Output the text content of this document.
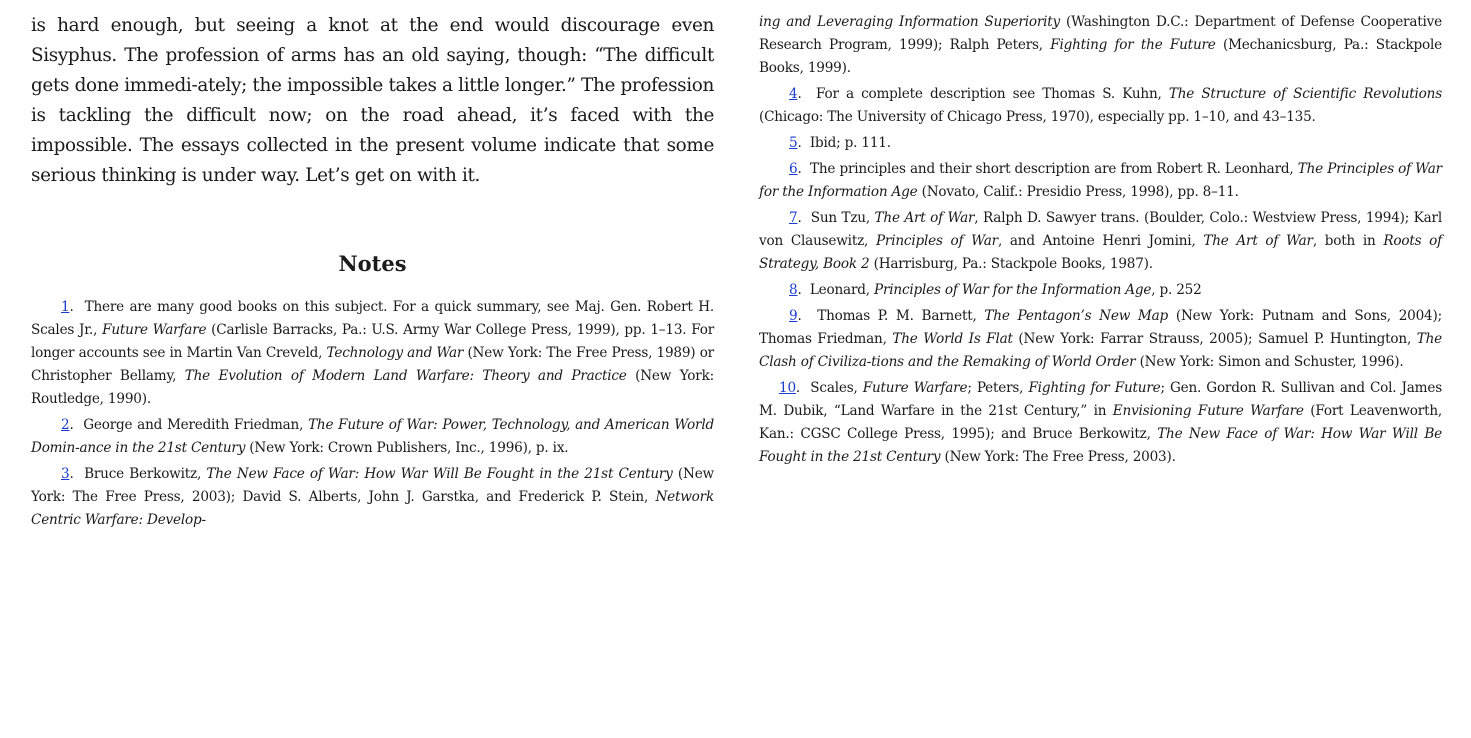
is hard enough, but seeing a knot at the end would discourage even Sisyphus. The profession of arms has an old saying, though: “The difficult gets done immedi-ately; the impossible takes a little longer.” The profession is tackling the difficult now; on the road ahead, it’s faced with the impossible. The essays collected in the present volume indicate that some serious thinking is under way. Let’s get on with it.

Notes

1.  There are many good books on this subject. For a quick summary, see Maj. Gen. Robert H. Scales Jr., Future Warfare (Carlisle Barracks, Pa.: U.S. Army War College Press, 1999), pp. 1–13. For longer accounts see in Martin Van Creveld, Technology and War (New York: The Free Press, 1989) or Christopher Bellamy, The Evolution of Modern Land Warfare: Theory and Practice (New York: Routledge, 1990).

2.  George and Meredith Friedman, The Future of War: Power, Technology, and American World Domin-ance in the 21st Century (New York: Crown Publishers, Inc., 1996), p. ix.

3.  Bruce Berkowitz, The New Face of War: How War Will Be Fought in the 21st Century (New York: The Free Press, 2003); David S. Alberts, John J. Garstka, and Frederick P. Stein, Network Centric Warfare: Develop-

ing and Leveraging Information Superiority (Washington D.C.: Department of Defense Cooperative Research Program, 1999); Ralph Peters, Fighting for the Future (Mechanicsburg, Pa.: Stackpole Books, 1999).

4.  For a complete description see Thomas S. Kuhn, The Structure of Scientific Revolutions (Chicago: The University of Chicago Press, 1970), especially pp. 1–10, and 43–135.

5.  Ibid; p. 111.

6.  The principles and their short description are from Robert R. Leonhard, The Principles of War for the Information Age (Novato, Calif.: Presidio Press, 1998), pp. 8–11.

7.  Sun Tzu, The Art of War, Ralph D. Sawyer trans. (Boulder, Colo.: Westview Press, 1994); Karl von Clausewitz, Principles of War, and Antoine Henri Jomini, The Art of War, both in Roots of Strategy, Book 2 (Harrisburg, Pa.: Stackpole Books, 1987).

8.  Leonard, Principles of War for the Information Age, p. 252

9.  Thomas P. M. Barnett, The Pentagon’s New Map (New York: Putnam and Sons, 2004); Thomas Friedman, The World Is Flat (New York: Farrar Strauss, 2005); Samuel P. Huntington, The Clash of Civiliza-tions and the Remaking of World Order (New York: Simon and Schuster, 1996).

10.  Scales, Future Warfare; Peters, Fighting for Future; Gen. Gordon R. Sullivan and Col. James M. Dubik, “Land Warfare in the 21st Century,” in Envisioning Future Warfare (Fort Leavenworth, Kan.: CGSC College Press, 1995); and Bruce Berkowitz, The New Face of War: How War Will Be Fought in the 21st Century (New York: The Free Press, 2003).
